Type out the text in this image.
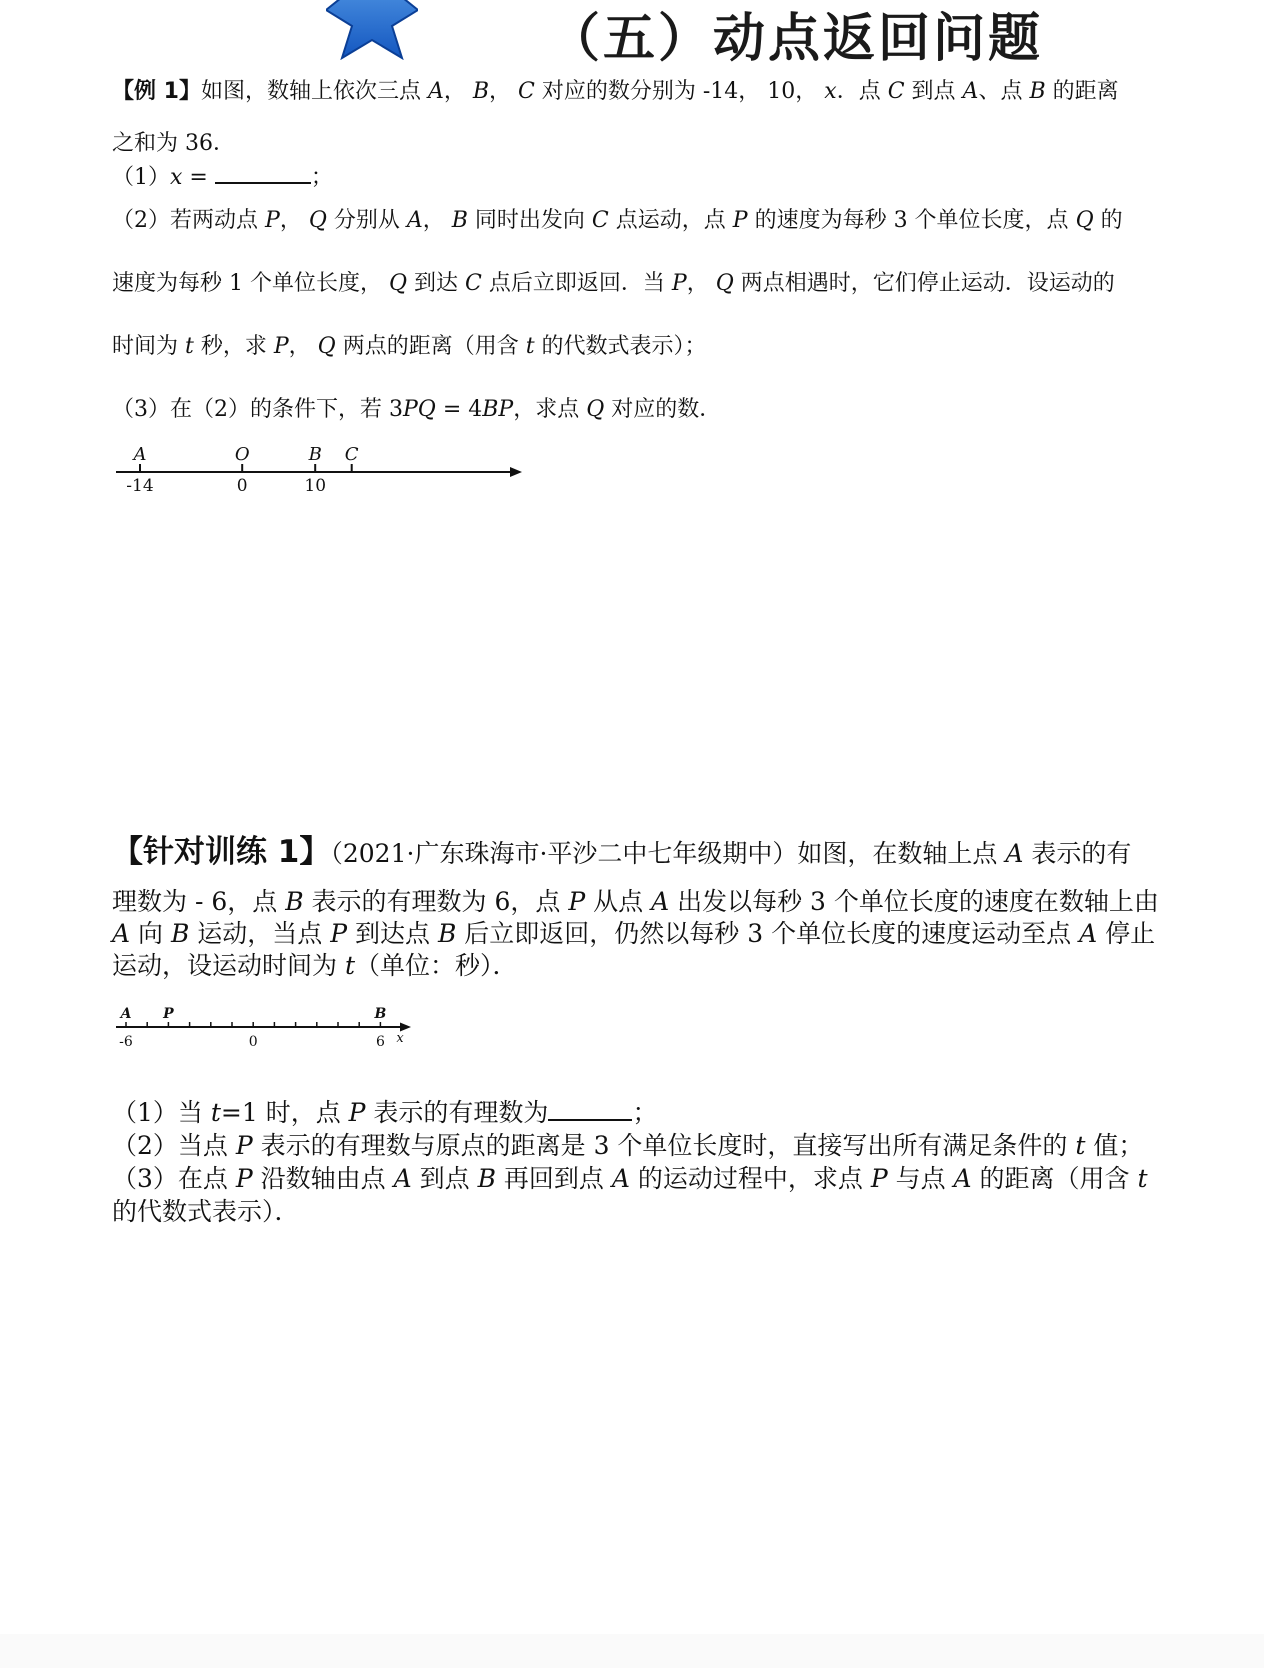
（五）动点返回问题
【例 1】如图，数轴上依次三点 A， B， C 对应的数分别为 -14， 10， x．点 C 到点 A、点 B 的距离
之和为 36．
（1）x =	；
（2）若两动点 P， Q 分别从 A， B 同时出发向 C 点运动，点 P 的速度为每秒 3 个单位长度，点 Q 的
速度为每秒 1 个单位长度， Q 到达 C 点后立即返回．当 P， Q 两点相遇时，它们停止运动．设运动的
时间为 t 秒，求 P， Q 两点的距离（用含 t 的代数式表示）；
（3）在（2）的条件下，若 3PQ = 4BP，求点 Q 对应的数．
A
-14
O
0
B
10
C
【针对训练 1】（2021·广东珠海市·平沙二中七年级期中）如图，在数轴上点 A 表示的有
理数为 - 6，点 B 表示的有理数为 6，点 P 从点 A 出发以每秒 3 个单位长度的速度在数轴上由
A 向 B 运动，当点 P 到达点 B 后立即返回，仍然以每秒 3 个单位长度的速度运动至点 A 停止
运动，设运动时间为 t（单位：秒）．
A
-6
P
0
B
6 x
（1）当 t=1 时，点 P 表示的有理数为	；
（2）当点 P 表示的有理数与原点的距离是 3 个单位长度时，直接写出所有满足条件的 t 值；
（3）在点 P 沿数轴由点 A 到点 B 再回到点 A 的运动过程中，求点 P 与点 A 的距离（用含 t
的代数式表示）．
